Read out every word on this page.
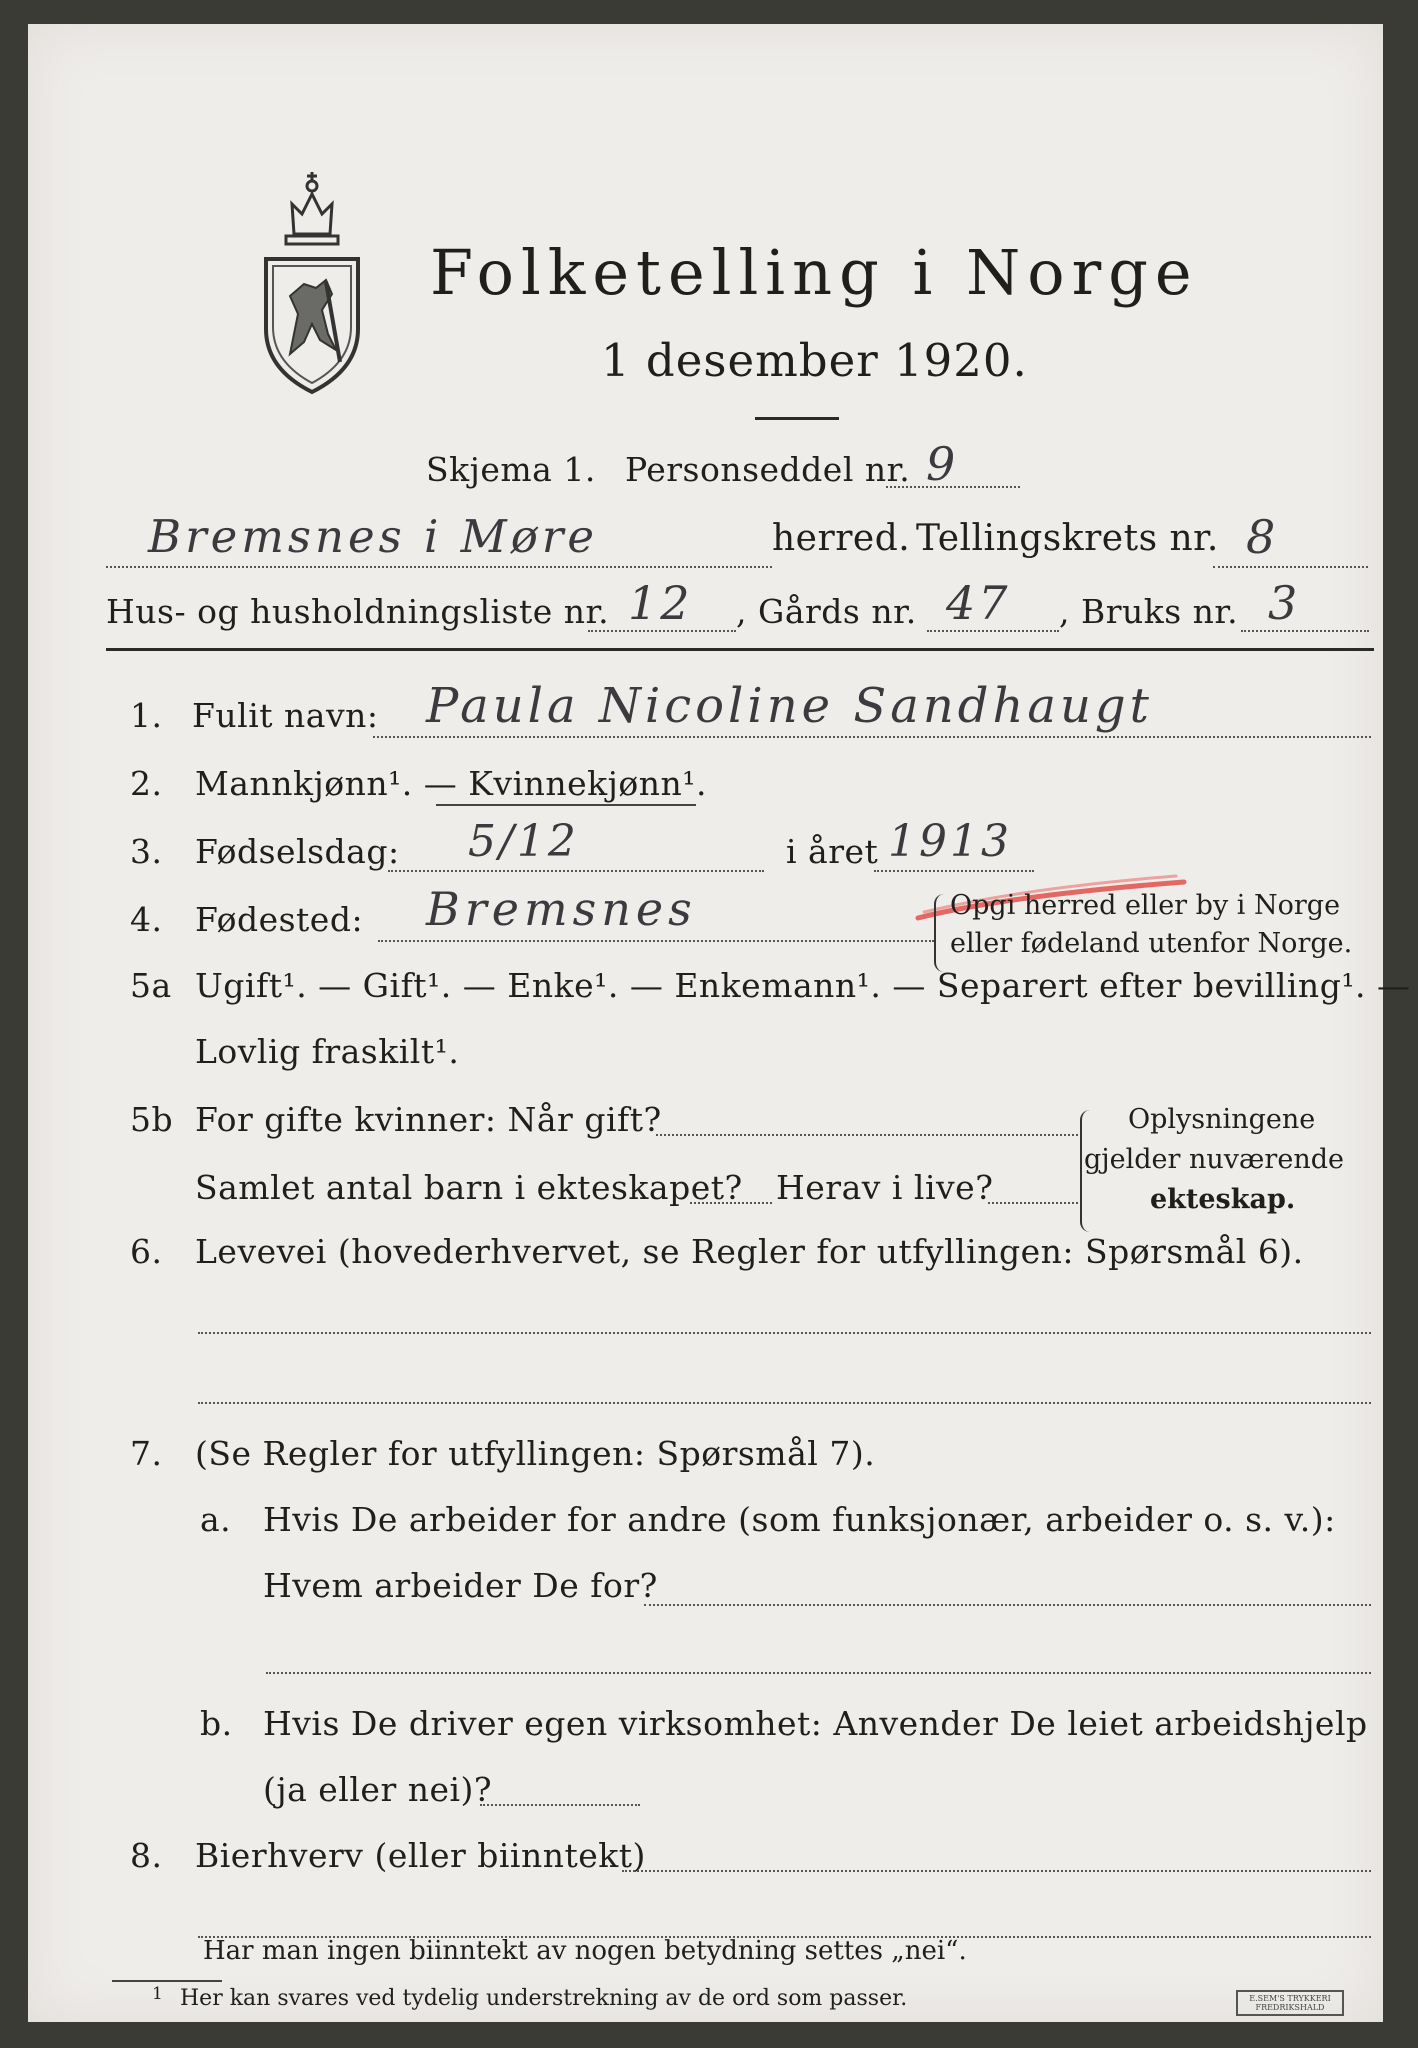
Folketelling i Norge
1 desember 1920.
Skjema 1. Personseddel nr. 9
Bremsnes i Møre	herred. Tellingskrets nr. 8
Hus- og husholdningsliste nr. 12 , Gårds nr. 47 , Bruks nr. 3
1. Fulit navn: Paula Nicoline Sandhaugt
2. Mannkjønn¹. — Kvinnekjønn¹.
3. Fødselsdag: 5/12	i året 1913
4. Fødested: Bremsnes	Opgi herred eller by i Norge
eller fødeland utenfor Norge.
5a Ugift¹. — Gift¹. — Enke¹. — Enkemann¹. — Separert efter bevilling¹. —
Lovlig fraskilt¹.
5b For gifte kvinner: Når gift?
Samlet antal barn i ekteskapet? Herav i live?
Oplysningene
gjelder nuværende
ekteskap.
6. Levevei (hovederhvervet, se Regler for utfyllingen: Spørsmål 6).
7. (Se Regler for utfyllingen: Spørsmål 7).
a. Hvis De arbeider for andre (som funksjonær, arbeider o. s. v.):
Hvem arbeider De for?
b. Hvis De driver egen virksomhet: Anvender De leiet arbeidshjelp
(ja eller nei)?
8. Bierhverv (eller biinntekt)
Har man ingen biinntekt av nogen betydning settes „nei“.
1 Her kan svares ved tydelig understrekning av de ord som passer.	E.SEM'S TRYKKERI
FREDRIKSHALD
